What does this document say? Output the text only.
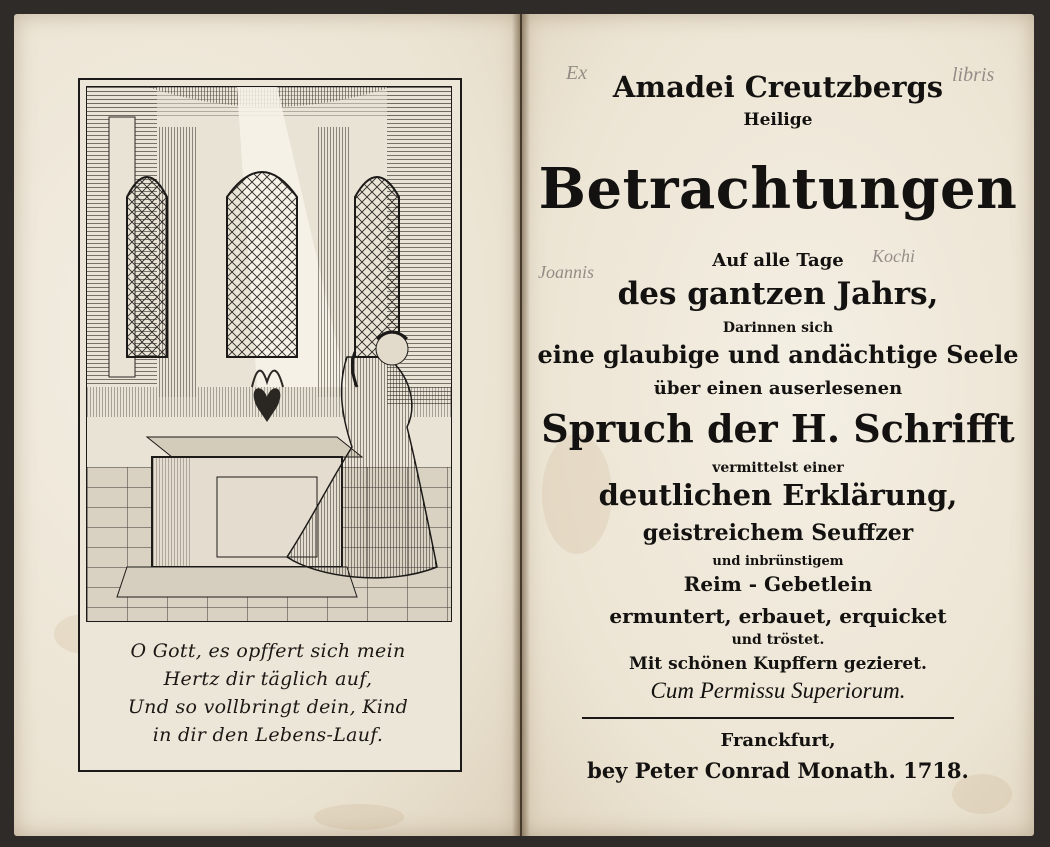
O Gott, es opffert sich mein
Hertz dir täglich auf,
Und so vollbringt dein, Kind
in dir den Lebens-Lauf.
Ex	libris
Joannis
Kochi
Amadei Creutzbergs
Heilige
Betrachtungen
Auf alle Tage
des gantzen Jahrs,
Darinnen sich
eine glaubige und andächtige Seele
über einen auserlesenen
Spruch der H. Schrifft
vermittelst einer
deutlichen Erklärung,
geistreichem Seuffzer
und inbrünstigem
Reim - Gebetlein
ermuntert, erbauet, erquicket
und tröstet.
Mit schönen Kupffern gezieret.
Cum Permissu Superiorum.
Franckfurt,
bey Peter Conrad Monath. 1718.
